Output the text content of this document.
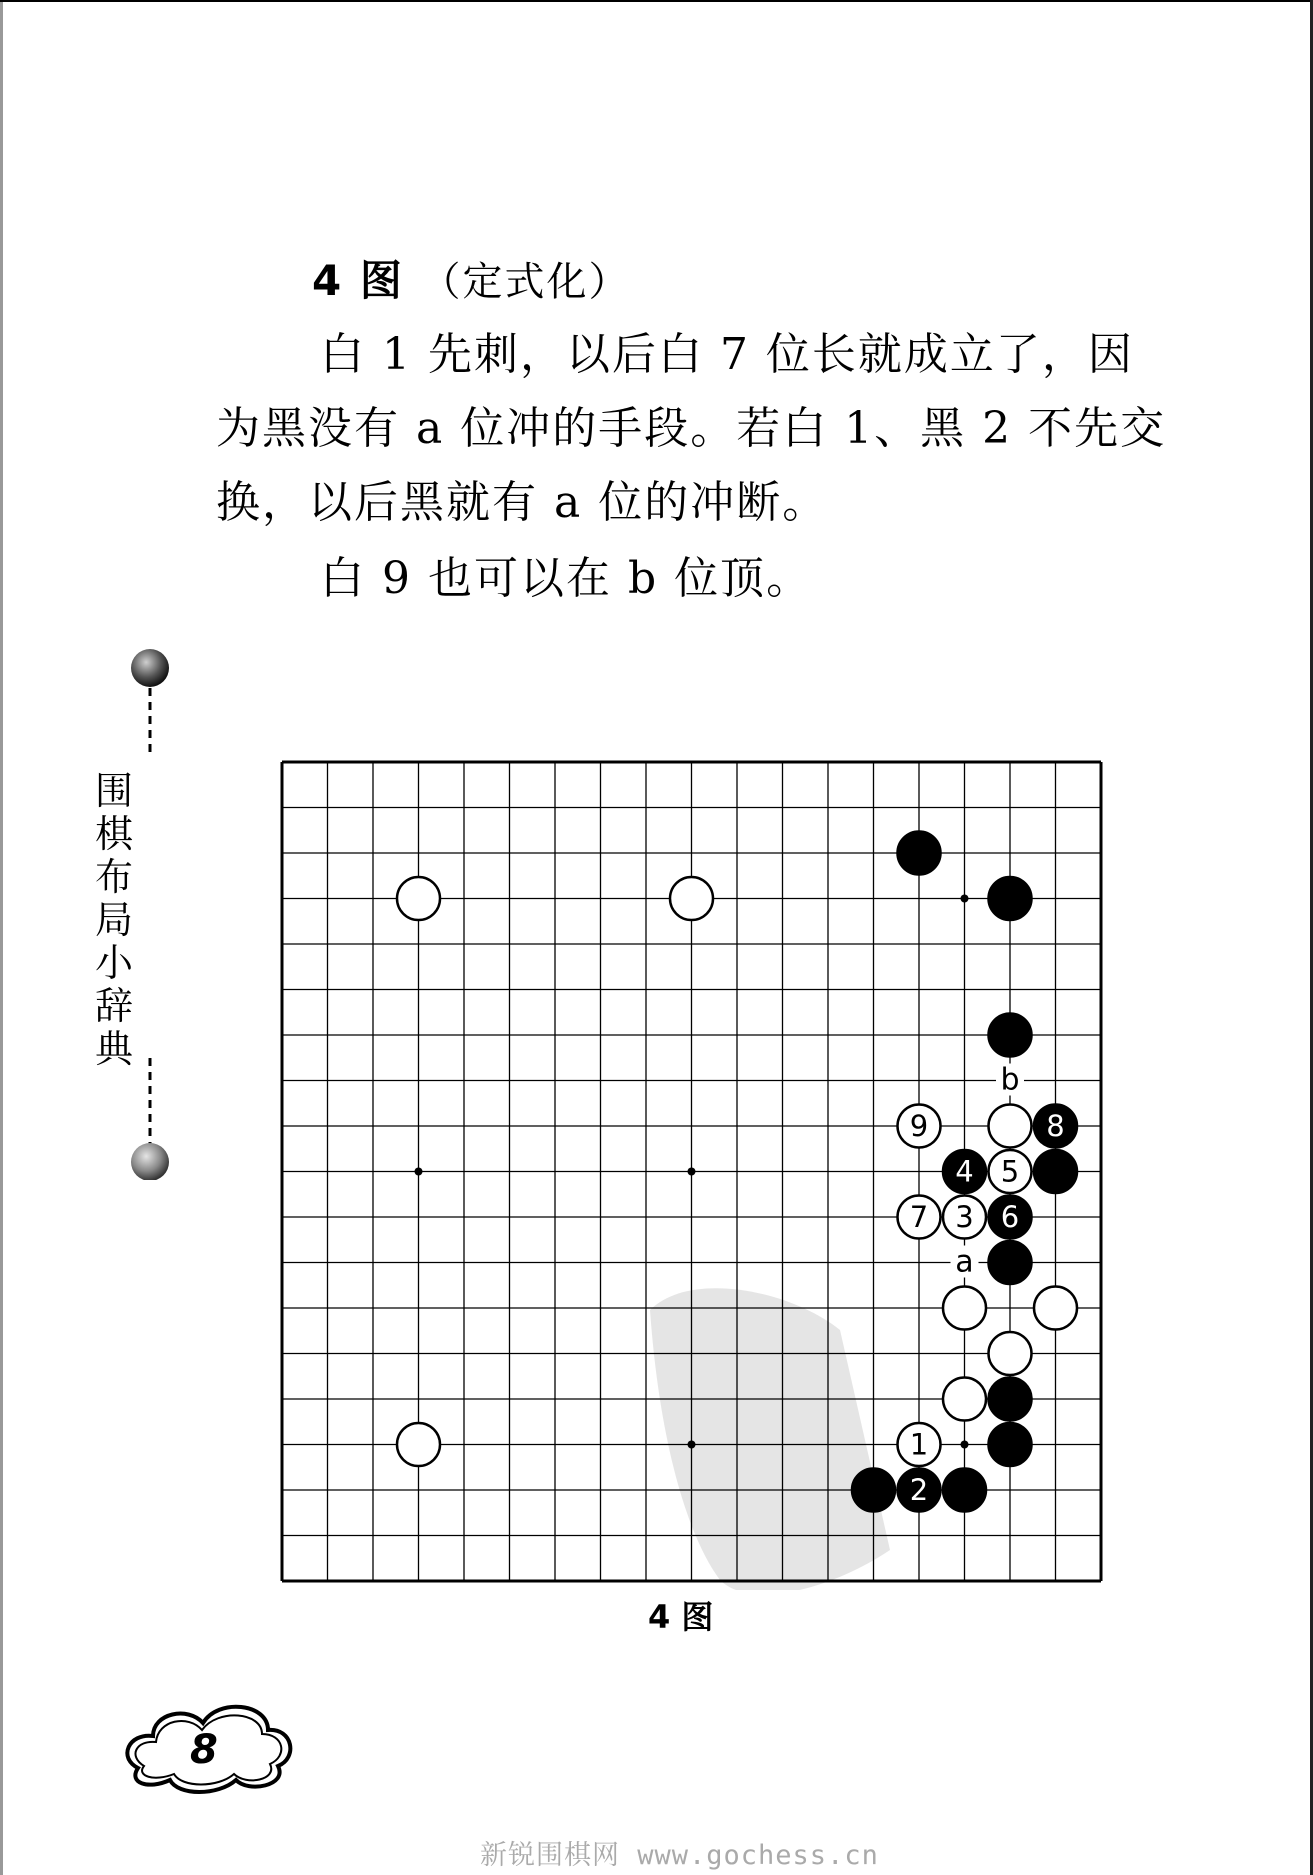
4 图 （定式化）
白 1 先刺，以后白 7 位长就成立了，因为黑没有 a 位冲的手段。若白 1、黑 2 不先交换，以后黑就有 a 位的冲断。
白 9 也可以在 b 位顶。
围
棋
布
局
小
辞
典
b
a
9	8
4 5
7 3 6
1
2
4 图
8
新锐围棋网 www.gochess.cn
